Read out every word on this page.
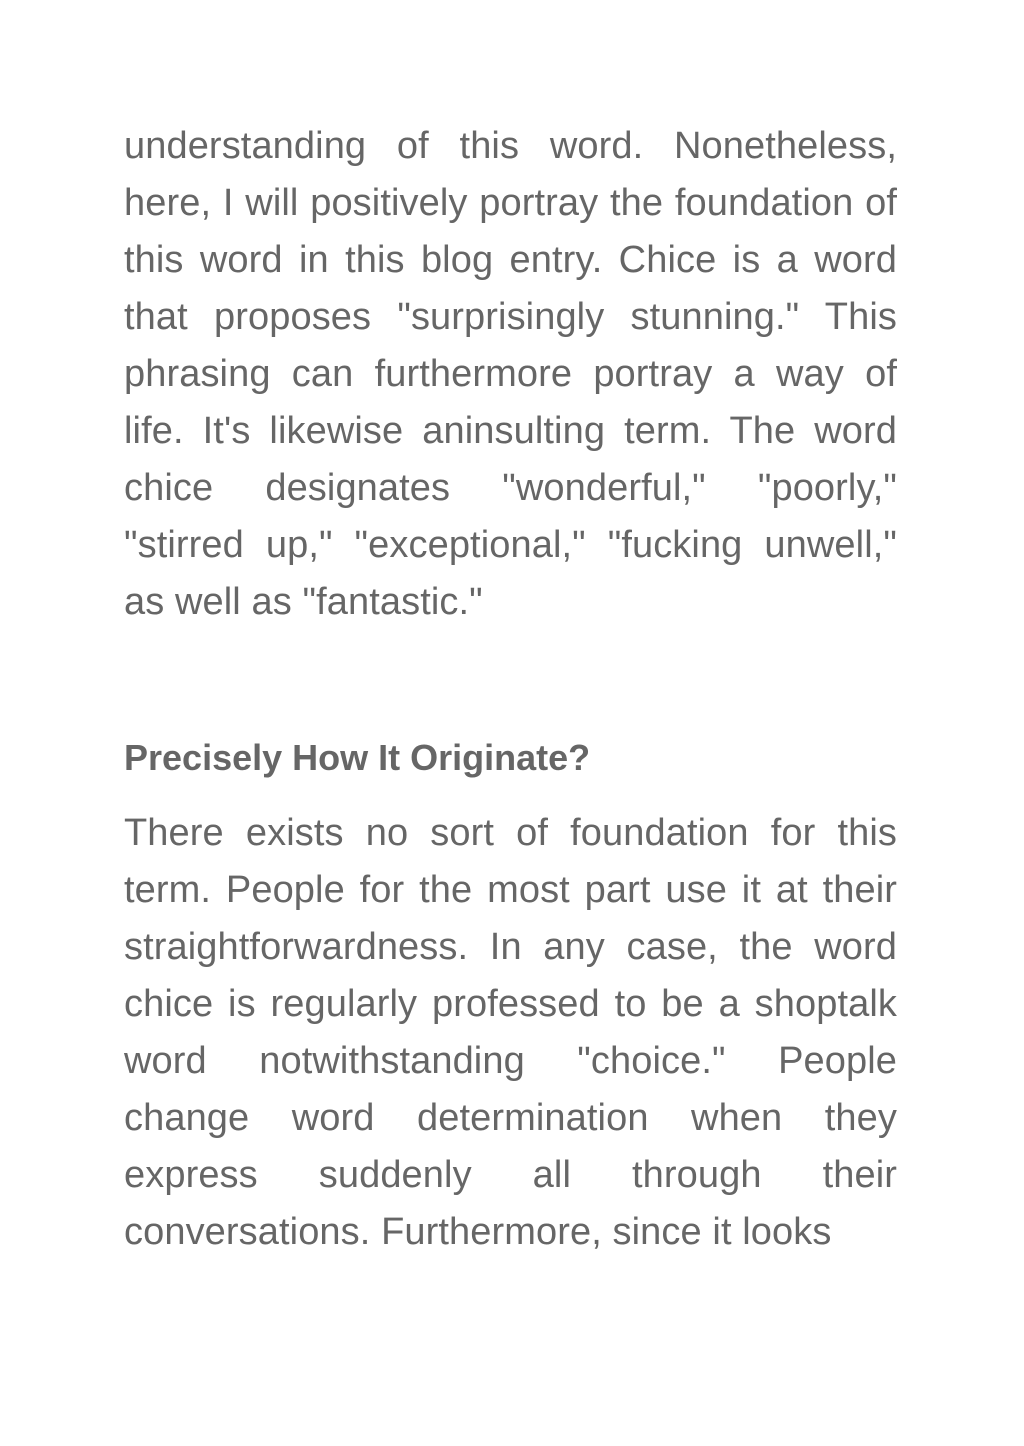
understanding of this word. Nonetheless, here, I will positively portray the foundation of this word in this blog entry. Chice is a word that proposes "surprisingly stunning." This phrasing can furthermore portray a way of life. It's likewise aninsulting term. The word chice designates "wonderful," "poorly," "stirred up," "exceptional," "fucking unwell," as well as "fantastic."

Precisely How It Originate?

There exists no sort of foundation for this term. People for the most part use it at their straightforwardness. In any case, the word chice is regularly professed to be a shoptalk word notwithstanding "choice." People change word determination when they express suddenly all through their conversations. Furthermore, since it looks
